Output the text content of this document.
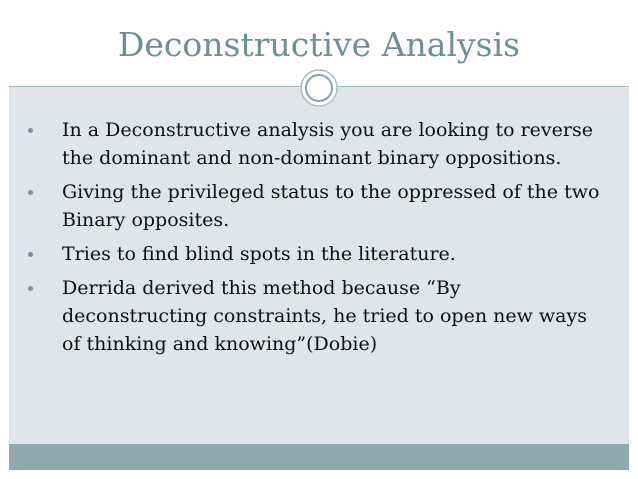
Deconstructive Analysis
In a Deconstructive analysis you are looking to reverse the dominant and non-dominant binary oppositions.
Giving the privileged status to the oppressed of the two Binary opposites.
Tries to find blind spots in the literature.
Derrida derived this method because “By deconstructing constraints, he tried to open new ways of thinking and knowing”(Dobie)
